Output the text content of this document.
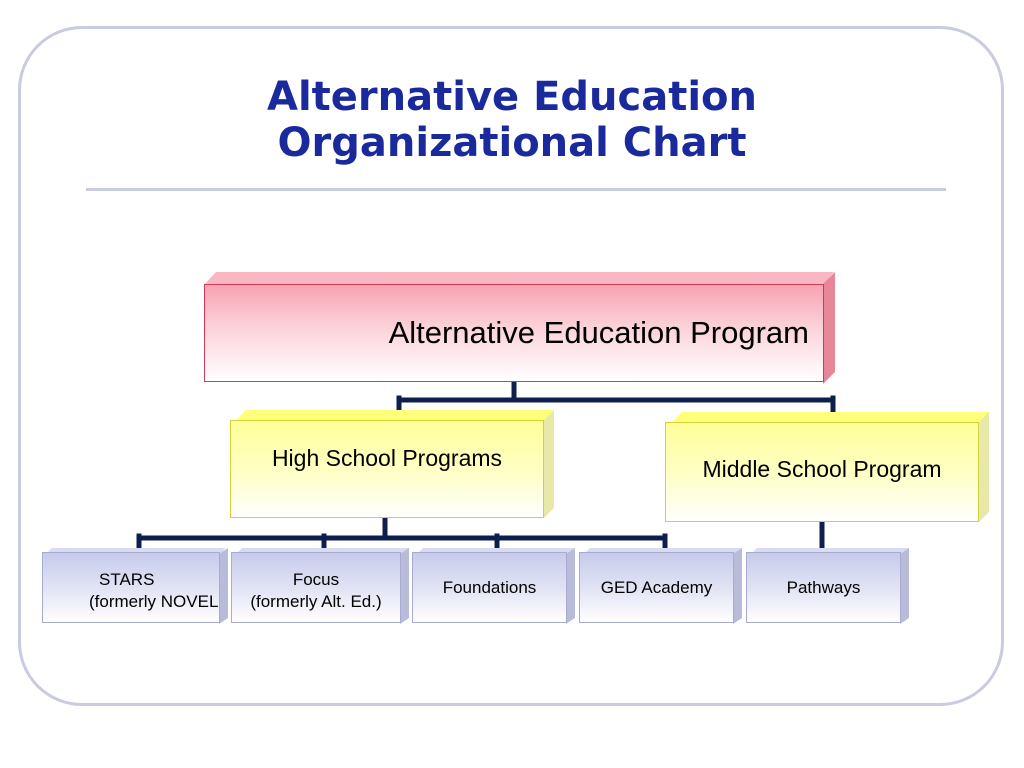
Alternative Education
Organizational Chart
Alternative Education Program
High School Programs	Middle School Program
STARS
(formerly NOVEL
Focus
(formerly Alt. Ed.)
Foundations	GED Academy	Pathways
